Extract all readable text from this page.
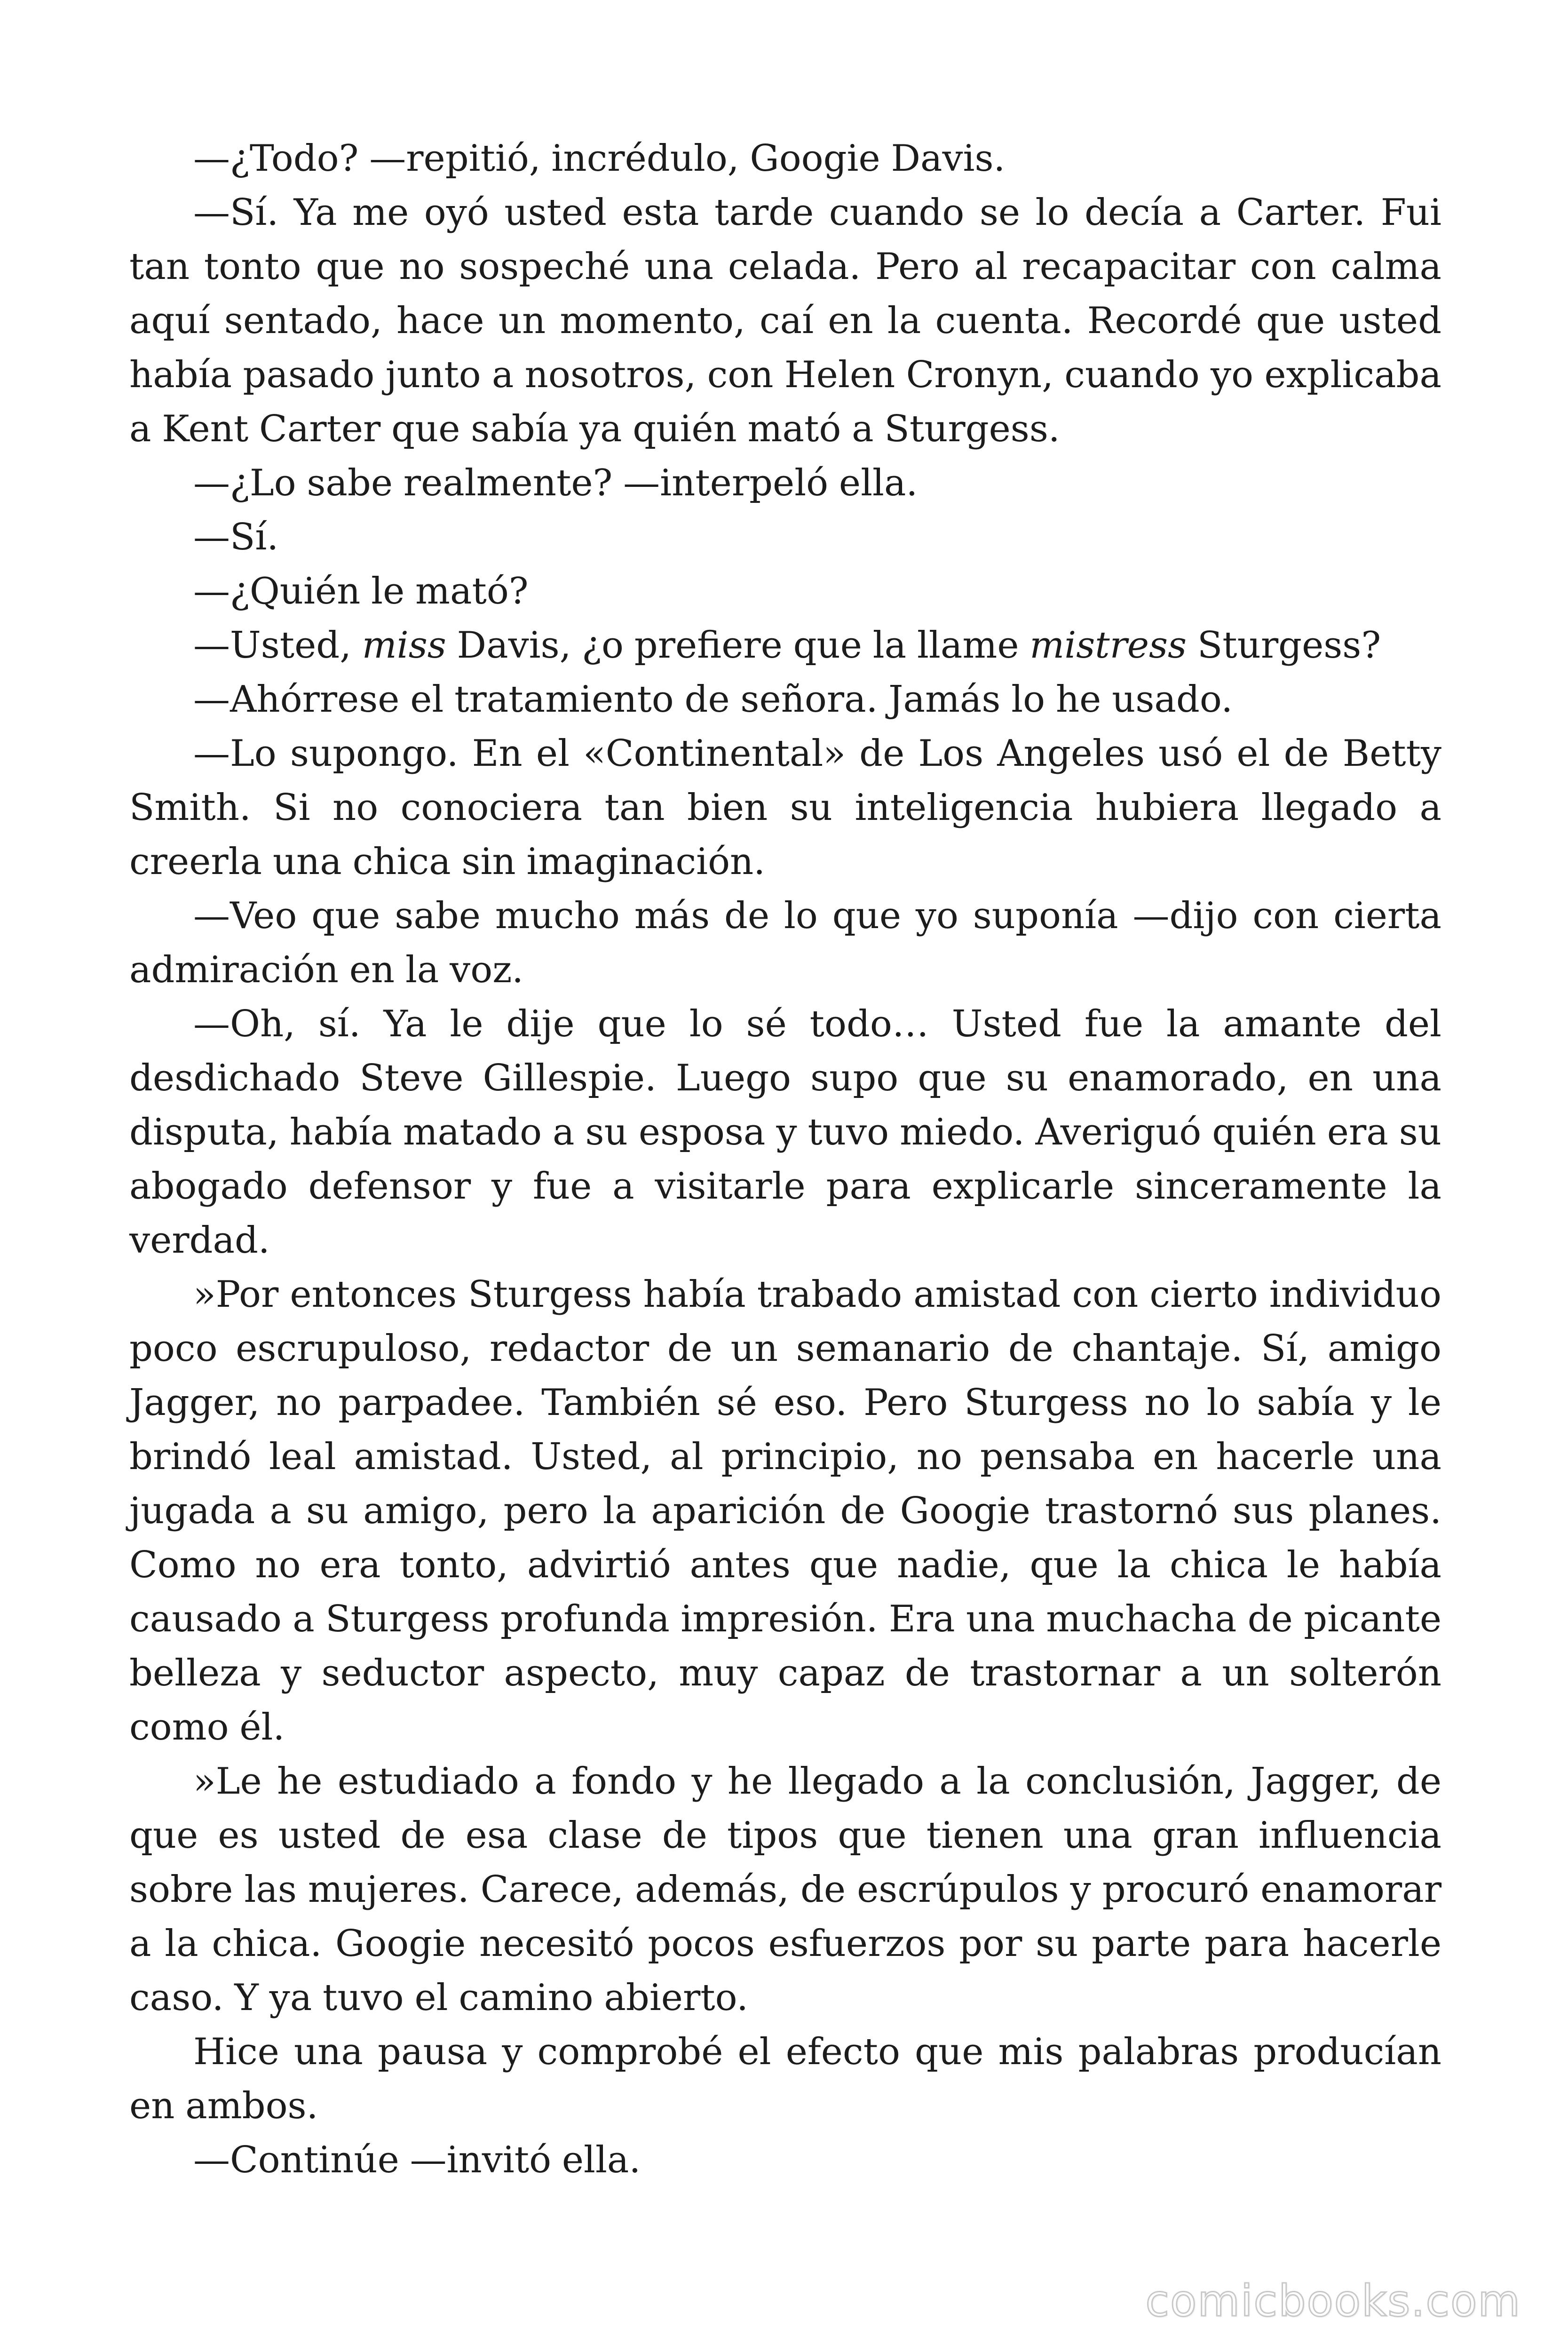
—¿Todo? —repitió, incrédulo, Googie Davis.

—Sí. Ya me oyó usted esta tarde cuando se lo decía a Carter. Fui tan tonto que no sospeché una celada. Pero al recapacitar con calma aquí sentado, hace un momento, caí en la cuenta. Recordé que usted había pasado junto a nosotros, con Helen Cronyn, cuando yo explicaba a Kent Carter que sabía ya quién mató a Sturgess.

—¿Lo sabe realmente? —interpeló ella.

—Sí.

—¿Quién le mató?

—Usted, miss Davis, ¿o prefiere que la llame mistress Sturgess?

—Ahórrese el tratamiento de señora. Jamás lo he usado.

—Lo supongo. En el «Continental» de Los Angeles usó el de Betty Smith. Si no conociera tan bien su inteligencia hubiera llegado a creerla una chica sin imaginación.

—Veo que sabe mucho más de lo que yo suponía —dijo con cierta admiración en la voz.

—Oh, sí. Ya le dije que lo sé todo… Usted fue la amante del desdichado Steve Gillespie. Luego supo que su enamorado, en una disputa, había matado a su esposa y tuvo miedo. Averiguó quién era su abogado defensor y fue a visitarle para explicarle sinceramente la verdad.

»Por entonces Sturgess había trabado amistad con cierto individuo poco escrupuloso, redactor de un semanario de chantaje. Sí, amigo Jagger, no parpadee. También sé eso. Pero Sturgess no lo sabía y le brindó leal amistad. Usted, al principio, no pensaba en hacerle una jugada a su amigo, pero la aparición de Googie trastornó sus planes. Como no era tonto, advirtió antes que nadie, que la chica le había causado a Sturgess profunda impresión. Era una muchacha de picante belleza y seductor aspecto, muy capaz de trastornar a un solterón como él.

»Le he estudiado a fondo y he llegado a la conclusión, Jagger, de que es usted de esa clase de tipos que tienen una gran influencia sobre las mujeres. Carece, además, de escrúpulos y procuró enamorar a la chica. Googie necesitó pocos esfuerzos por su parte para hacerle caso. Y ya tuvo el camino abierto.

Hice una pausa y comprobé el efecto que mis palabras producían en ambos.

—Continúe —invitó ella.

comicbooks.com
